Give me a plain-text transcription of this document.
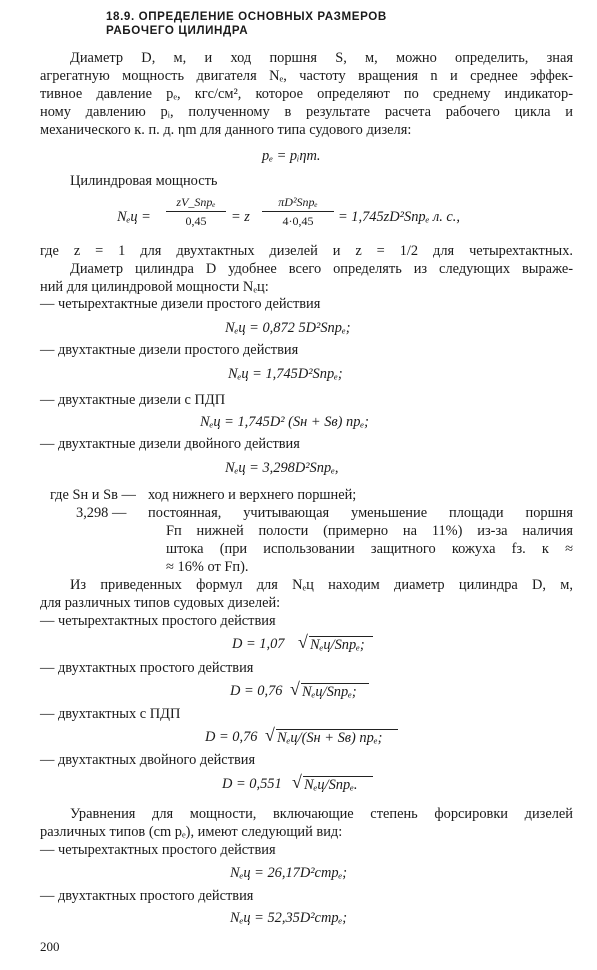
18.9. ОПРЕДЕЛЕНИЕ ОСНОВНЫХ РАЗМЕРОВ
РАБОЧЕГО ЦИЛИНДРА
Диаметр D, м, и ход поршня S, м, можно определить, зная
агрегатную мощность двигателя Nₑ, частоту вращения n и среднее эффек-
тивное давление pₑ, кгс/см², которое определяют по среднему индикатор-
ному давлению pᵢ, полученному в результате расчета рабочего цикла и
механического к. п. д. ηm для данного типа судового дизеля:
pₑ = pᵢηm.
Цилиндровая мощность
Nₑц =
zV_Snpₑ
0,45	= z
πD²Snpₑ
4·0,45	= 1,745zD²Snpₑ л. с.,
где z = 1 для двухтактных дизелей и z = 1/2 для четырехтактных.
Диаметр цилиндра D удобнее всего определять из следующих выраже-
ний для цилиндровой мощности Nₑц:
— четырехтактные дизели простого действия
Nₑц = 0,872 5D²Snpₑ;
— двухтактные дизели простого действия
Nₑц = 1,745D²Snpₑ;
— двухтактные дизели с ПДП
Nₑц = 1,745D² (Sн + Sв) npₑ;
— двухтактные дизели двойного действия
Nₑц = 3,298D²Snpₑ,
где Sн и Sв — ход нижнего и верхнего поршней;
3,298 — постоянная, учитывающая уменьшение площади поршня
Fп нижней полости (примерно на 11%) из-за наличия
штока (при использовании защитного кожуха fз. к ≈
≈ 16% от Fп).
Из приведенных формул для Nₑц находим диаметр цилиндра D, м,
для различных типов судовых дизелей:
— четырехтактных простого действия
D = 1,07 √ Nₑц/Snpₑ;
— двухтактных простого действия
D = 0,76 √ Nₑц/Snpₑ;
— двухтактных с ПДП
D = 0,76 √ Nₑц/(Sн + Sв) npₑ;
— двухтактных двойного действия
D = 0,551 √ Nₑц/Snpₑ.
Уравнения для мощности, включающие степень форсировки дизелей
различных типов (cm pₑ), имеют следующий вид:
— четырехтактных простого действия
Nₑц = 26,17D²cmpₑ;
— двухтактных простого действия
Nₑц = 52,35D²cmpₑ;
200
